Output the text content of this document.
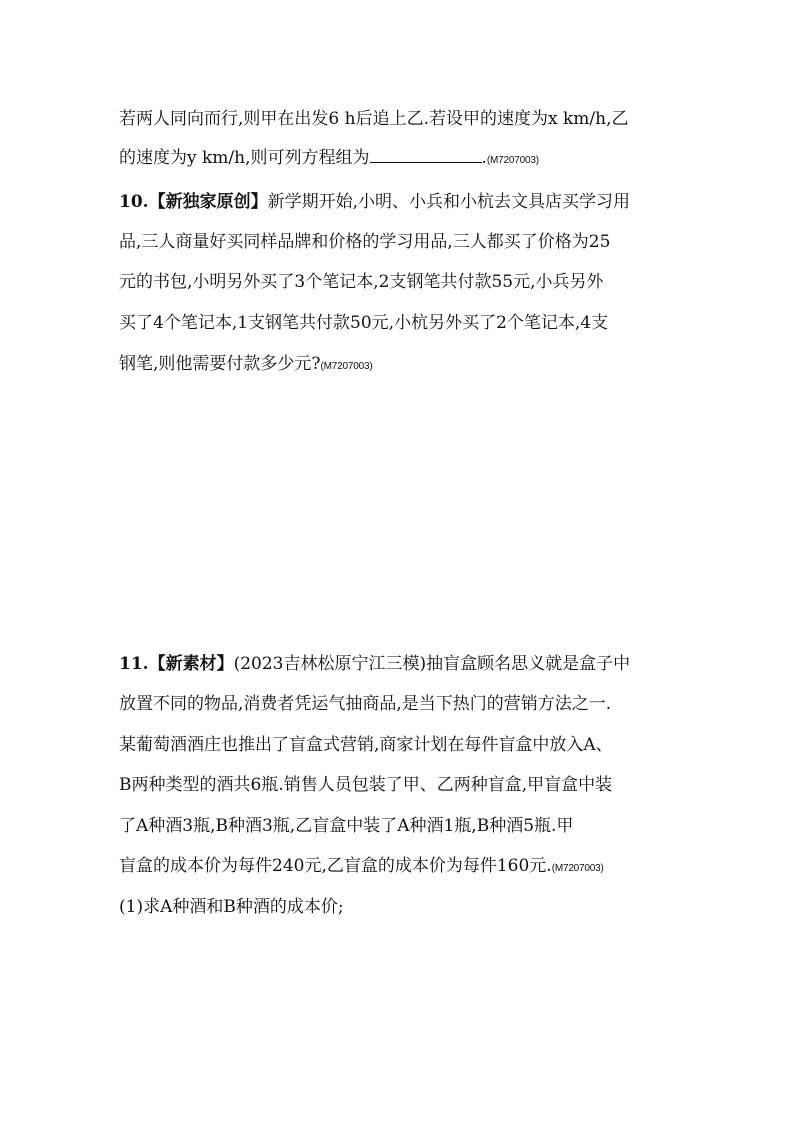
若两人同向而行,则甲在出发6 h后追上乙.若设甲的速度为x km/h,乙
的速度为y km/h,则可列方程组为	.(M7207003)
10.【新独家原创】新学期开始,小明、小兵和小杭去文具店买学习用
品,三人商量好买同样品牌和价格的学习用品,三人都买了价格为25
元的书包,小明另外买了3个笔记本,2支钢笔共付款55元,小兵另外
买了4个笔记本,1支钢笔共付款50元,小杭另外买了2个笔记本,4支
钢笔,则他需要付款多少元?(M7207003)
11.【新素材】(2023吉林松原宁江三模)抽盲盒顾名思义就是盒子中
放置不同的物品,消费者凭运气抽商品,是当下热门的营销方法之一.
某葡萄酒酒庄也推出了盲盒式营销,商家计划在每件盲盒中放入A、
B两种类型的酒共6瓶.销售人员包装了甲、乙两种盲盒,甲盲盒中装
了A种酒3瓶,B种酒3瓶,乙盲盒中装了A种酒1瓶,B种酒5瓶.甲
盲盒的成本价为每件240元,乙盲盒的成本价为每件160元.(M7207003)
(1)求A种酒和B种酒的成本价;
